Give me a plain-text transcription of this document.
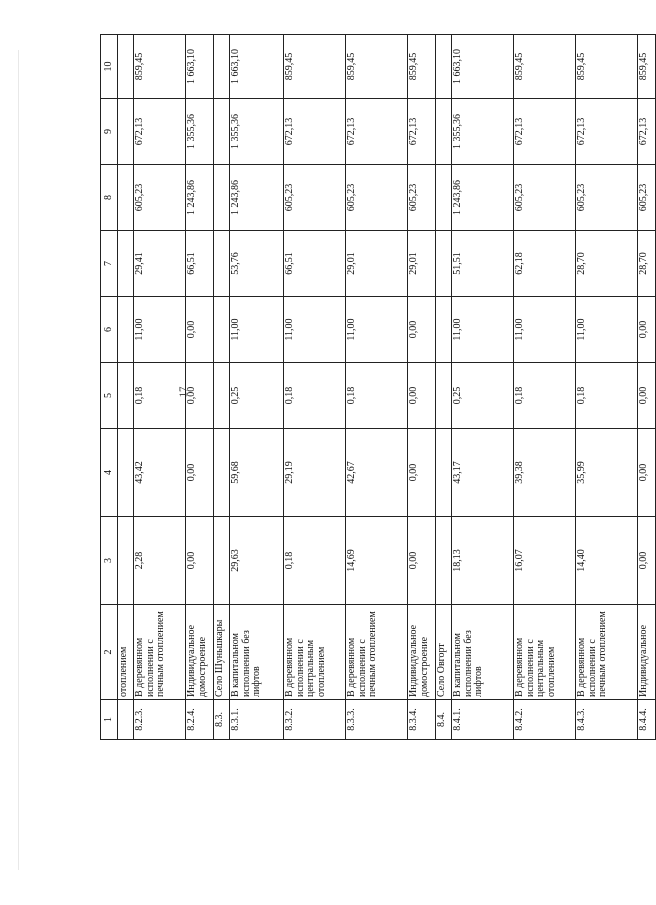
17
1	2	3	4	5	6	7	8	9	10
	отоплением								
8.2.3.	В деревянном исполнении с печным отоплением	2,28	43,42	0,18	11,00	29,41	605,23	672,13	859,45
8.2.4.	Индивидуальное домостроение	0,00	0,00	0,00	0,00	66,51	1 243,86	1 355,36	1 663,10
8.3.	Село Шуньшкары								
8.3.1.	В капитальном исполнении без лифтов	29,63	59,68	0,25	11,00	53,76	1 243,86	1 355,36	1 663,10
8.3.2.	В деревянном исполнении с центральным отоплением	0,18	29,19	0,18	11,00	66,51	605,23	672,13	859,45
8.3.3.	В деревянном исполнении с печным отоплением	14,69	42,67	0,18	11,00	29,01	605,23	672,13	859,45
8.3.4.	Индивидуальное домостроение	0,00	0,00	0,00	0,00	29,01	605,23	672,13	859,45
8.4.	Село Овгорт								
8.4.1.	В капитальном исполнении без лифтов	18,13	43,17	0,25	11,00	51,51	1 243,86	1 355,36	1 663,10
8.4.2.	В деревянном исполнении с центральным отоплением	16,07	39,38	0,18	11,00	62,18	605,23	672,13	859,45
8.4.3.	В деревянном исполнении с печным отоплением	14,40	35,99	0,18	11,00	28,70	605,23	672,13	859,45
8.4.4.	Индивидуальное	0,00	0,00	0,00	0,00	28,70	605,23	672,13	859,45
